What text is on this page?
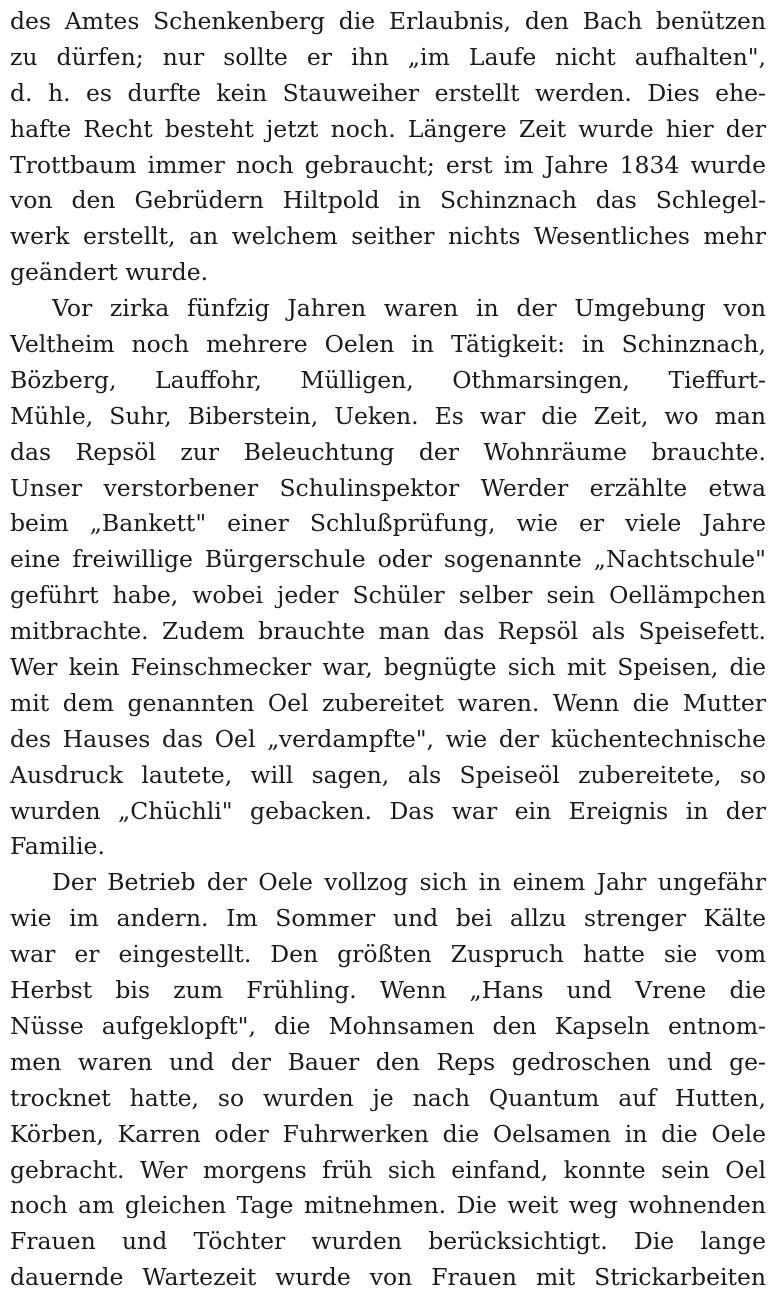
des Amtes Schenkenberg die Erlaubnis, den Bach benützen
zu dürfen; nur sollte er ihn „im Laufe nicht aufhalten",
d. h. es durfte kein Stauweiher erstellt werden. Dies ehe-
hafte Recht besteht jetzt noch. Längere Zeit wurde hier der
Trottbaum immer noch gebraucht; erst im Jahre 1834 wurde
von den Gebrüdern Hiltpold in Schinznach das Schlegel-
werk erstellt, an welchem seither nichts Wesentliches mehr
geändert wurde.
Vor zirka fünfzig Jahren waren in der Umgebung von
Veltheim noch mehrere Oelen in Tätigkeit: in Schinznach,
Bözberg, Lauffohr, Mülligen, Othmarsingen, Tieffurt-
Mühle, Suhr, Biberstein, Ueken. Es war die Zeit, wo man
das Repsöl zur Beleuchtung der Wohnräume brauchte.
Unser verstorbener Schulinspektor Werder erzählte etwa
beim „Bankett" einer Schlußprüfung, wie er viele Jahre
eine freiwillige Bürgerschule oder sogenannte „Nachtschule"
geführt habe, wobei jeder Schüler selber sein Oellämpchen
mitbrachte. Zudem brauchte man das Repsöl als Speisefett.
Wer kein Feinschmecker war, begnügte sich mit Speisen, die
mit dem genannten Oel zubereitet waren. Wenn die Mutter
des Hauses das Oel „verdampfte", wie der küchentechnische
Ausdruck lautete, will sagen, als Speiseöl zubereitete, so
wurden „Chüchli" gebacken. Das war ein Ereignis in der
Familie.
Der Betrieb der Oele vollzog sich in einem Jahr ungefähr
wie im andern. Im Sommer und bei allzu strenger Kälte
war er eingestellt. Den größten Zuspruch hatte sie vom
Herbst bis zum Frühling. Wenn „Hans und Vrene die
Nüsse aufgeklopft", die Mohnsamen den Kapseln entnom-
men waren und der Bauer den Reps gedroschen und ge-
trocknet hatte, so wurden je nach Quantum auf Hutten,
Körben, Karren oder Fuhrwerken die Oelsamen in die Oele
gebracht. Wer morgens früh sich einfand, konnte sein Oel
noch am gleichen Tage mitnehmen. Die weit weg wohnenden
Frauen und Töchter wurden berücksichtigt. Die lange
dauernde Wartezeit wurde von Frauen mit Strickarbeiten
